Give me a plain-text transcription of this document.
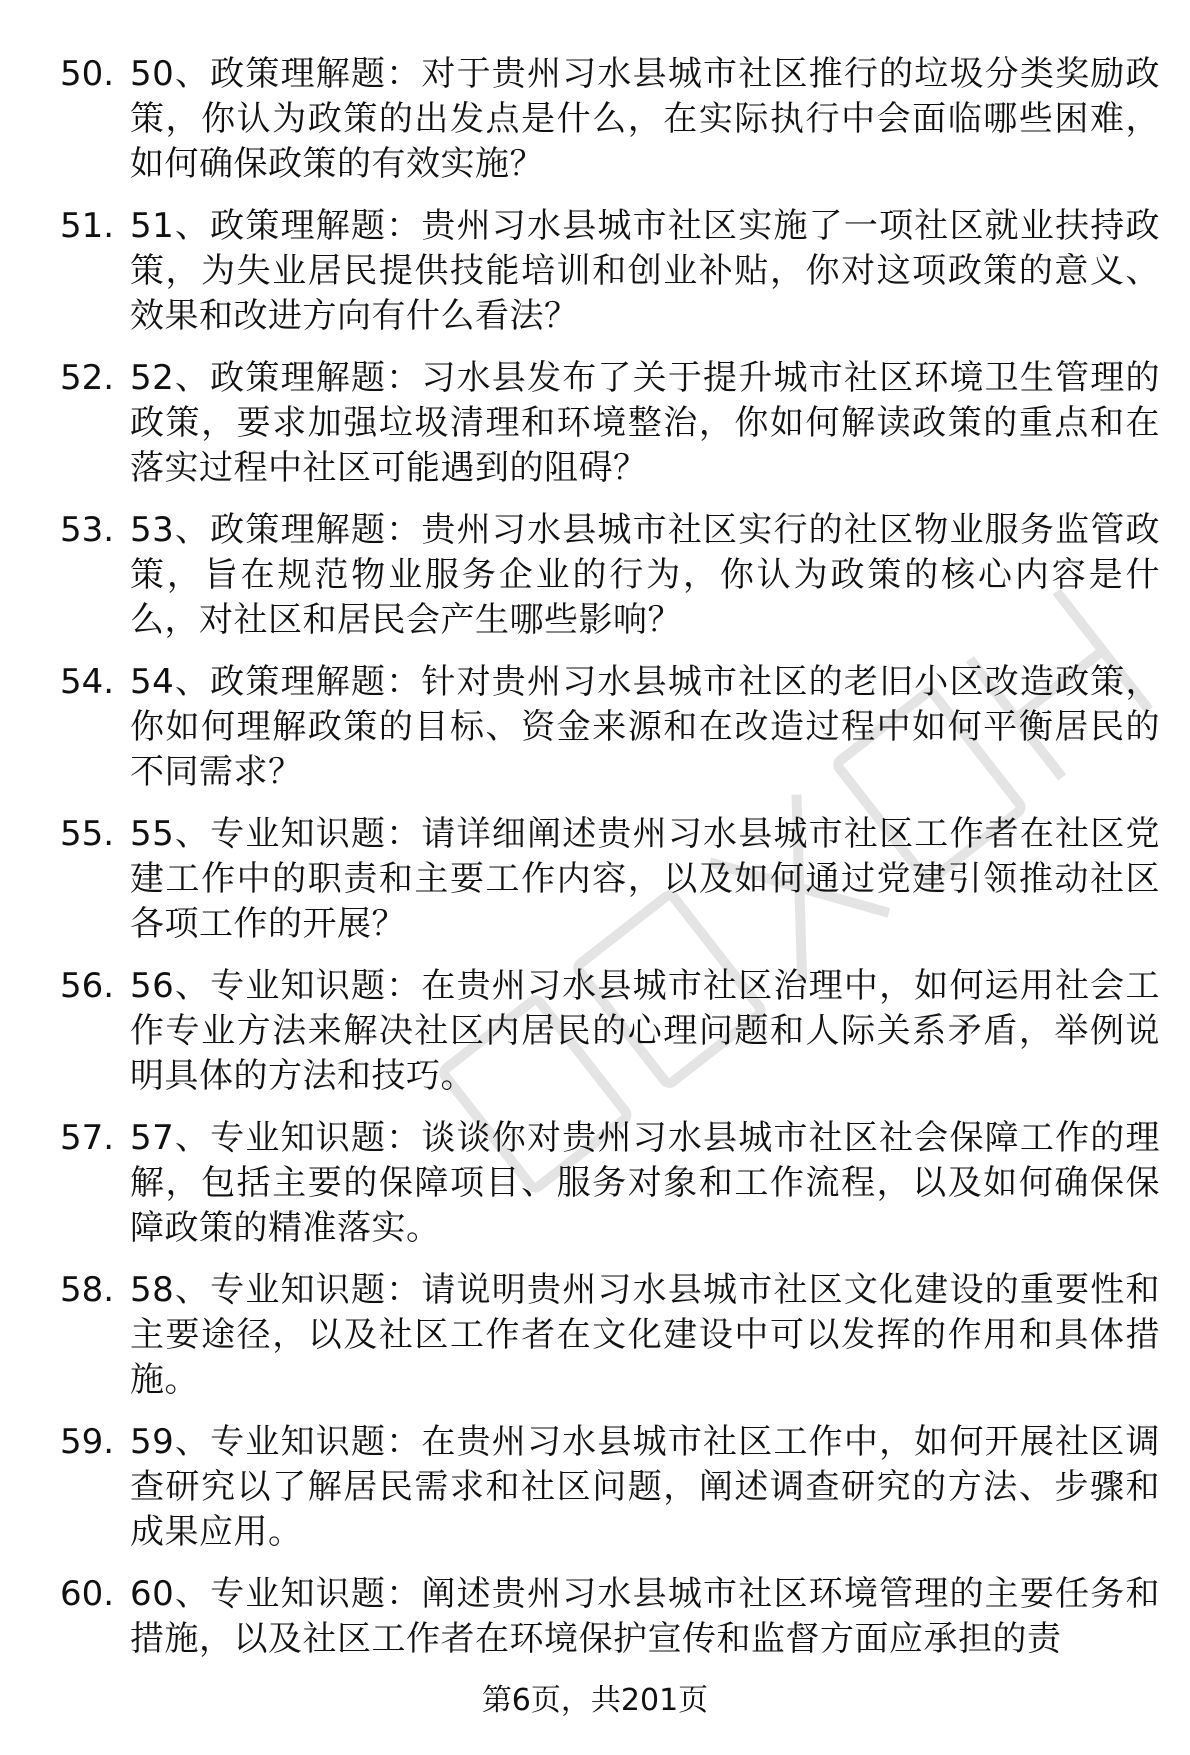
50. 50、政策理解题：对于贵州习水县城市社区推行的垃圾分类奖励政策，你认为政策的出发点是什么，在实际执行中会面临哪些困难，如何确保政策的有效实施？
51. 51、政策理解题：贵州习水县城市社区实施了一项社区就业扶持政策，为失业居民提供技能培训和创业补贴，你对这项政策的意义、效果和改进方向有什么看法？
52. 52、政策理解题：习水县发布了关于提升城市社区环境卫生管理的政策，要求加强垃圾清理和环境整治，你如何解读政策的重点和在落实过程中社区可能遇到的阻碍？
53. 53、政策理解题：贵州习水县城市社区实行的社区物业服务监管政策，旨在规范物业服务企业的行为，你认为政策的核心内容是什么，对社区和居民会产生哪些影响？
54. 54、政策理解题：针对贵州习水县城市社区的老旧小区改造政策，你如何理解政策的目标、资金来源和在改造过程中如何平衡居民的不同需求？
55. 55、专业知识题：请详细阐述贵州习水县城市社区工作者在社区党建工作中的职责和主要工作内容，以及如何通过党建引领推动社区各项工作的开展？
56. 56、专业知识题：在贵州习水县城市社区治理中，如何运用社会工作专业方法来解决社区内居民的心理问题和人际关系矛盾，举例说明具体的方法和技巧。
57. 57、专业知识题：谈谈你对贵州习水县城市社区社会保障工作的理解，包括主要的保障项目、服务对象和工作流程，以及如何确保保障政策的精准落实。
58. 58、专业知识题：请说明贵州习水县城市社区文化建设的重要性和主要途径，以及社区工作者在文化建设中可以发挥的作用和具体措施。
59. 59、专业知识题：在贵州习水县城市社区工作中，如何开展社区调查研究以了解居民需求和社区问题，阐述调查研究的方法、步骤和成果应用。
60. 60、专业知识题：阐述贵州习水县城市社区环境管理的主要任务和措施，以及社区工作者在环境保护宣传和监督方面应承担的责
第6页，共201页
